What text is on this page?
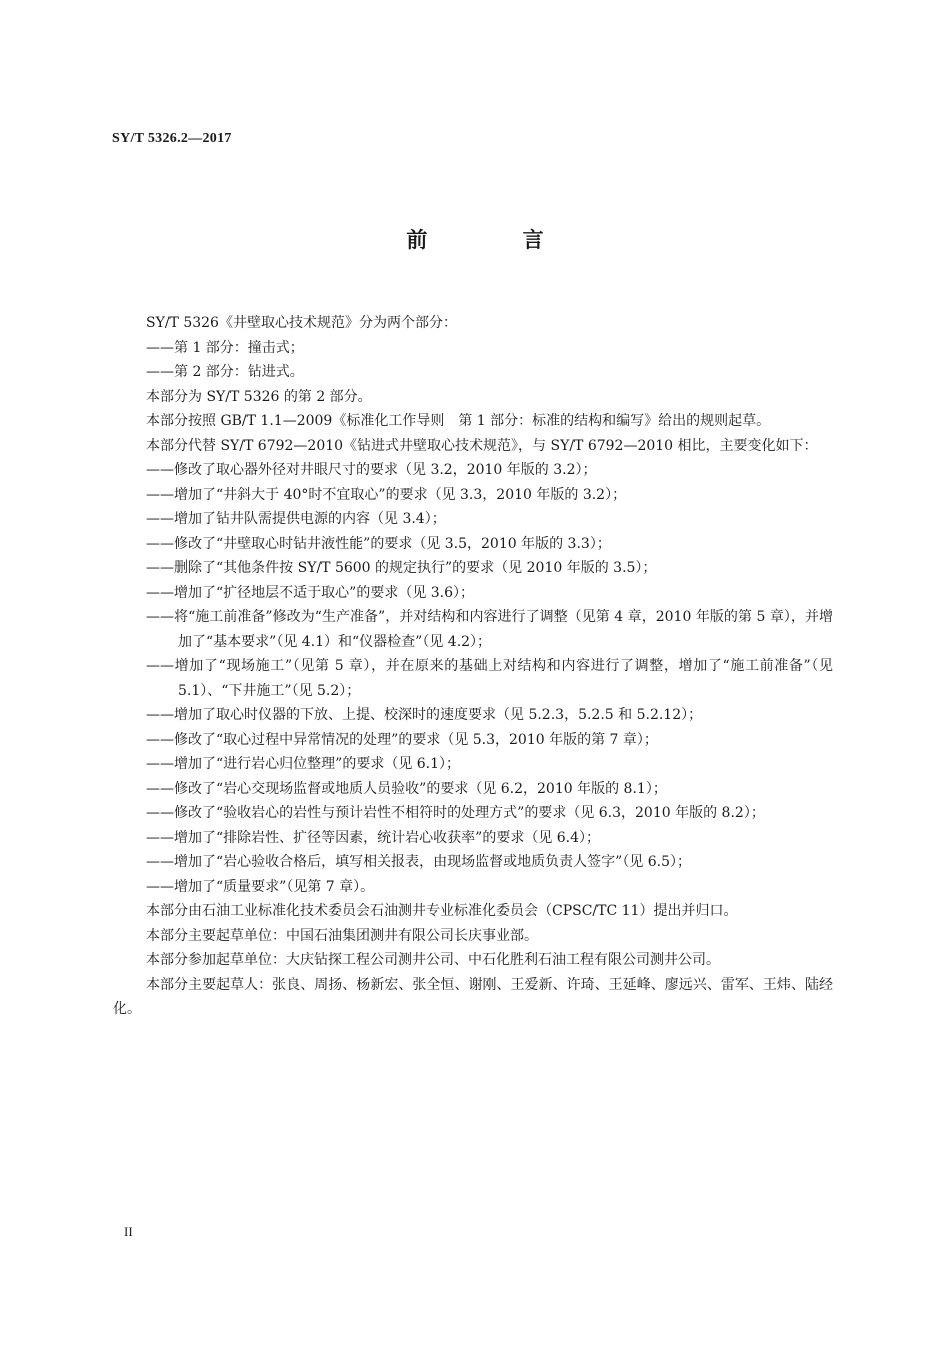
SY/T 5326.2—2017
前 言

SY/T 5326《井壁取心技术规范》分为两个部分：

——第 1 部分：撞击式；

——第 2 部分：钻进式。

本部分为 SY/T 5326 的第 2 部分。

本部分按照 GB/T 1.1—2009《标准化工作导则　第 1 部分：标准的结构和编写》给出的规则起草。

本部分代替 SY/T 6792—2010《钻进式井壁取心技术规范》，与 SY/T 6792—2010 相比，主要变化如下：

——修改了取心器外径对井眼尺寸的要求（见 3.2，2010 年版的 3.2）；

——增加了“井斜大于 40°时不宜取心”的要求（见 3.3，2010 年版的 3.2）；

——增加了钻井队需提供电源的内容（见 3.4）；

——修改了“井壁取心时钻井液性能”的要求（见 3.5，2010 年版的 3.3）；

——删除了“其他条件按 SY/T 5600 的规定执行”的要求（见 2010 年版的 3.5）；

——增加了“扩径地层不适于取心”的要求（见 3.6）；

——将“施工前准备”修改为“生产准备”，并对结构和内容进行了调整（见第 4 章，2010 年版的第 5 章），并增加了“基本要求”（见 4.1）和“仪器检查”（见 4.2）；

——增加了“现场施工”（见第 5 章），并在原来的基础上对结构和内容进行了调整，增加了“施工前准备”（见 5.1）、“下井施工”（见 5.2）；

——增加了取心时仪器的下放、上提、校深时的速度要求（见 5.2.3，5.2.5 和 5.2.12）；

——修改了“取心过程中异常情况的处理”的要求（见 5.3，2010 年版的第 7 章）；

——增加了“进行岩心归位整理”的要求（见 6.1）；

——修改了“岩心交现场监督或地质人员验收”的要求（见 6.2，2010 年版的 8.1）；

——修改了“验收岩心的岩性与预计岩性不相符时的处理方式”的要求（见 6.3，2010 年版的 8.2）；

——增加了“排除岩性、扩径等因素，统计岩心收获率”的要求（见 6.4）；

——增加了“岩心验收合格后，填写相关报表，由现场监督或地质负责人签字”（见 6.5）；

——增加了“质量要求”（见第 7 章）。

本部分由石油工业标准化技术委员会石油测井专业标准化委员会（CPSC/TC 11）提出并归口。

本部分主要起草单位：中国石油集团测井有限公司长庆事业部。

本部分参加起草单位：大庆钻探工程公司测井公司、中石化胜利石油工程有限公司测井公司。

本部分主要起草人：张良、周扬、杨新宏、张全恒、谢刚、王爱新、许琦、王延峰、廖远兴、雷军、王炜、陆经化。

II
